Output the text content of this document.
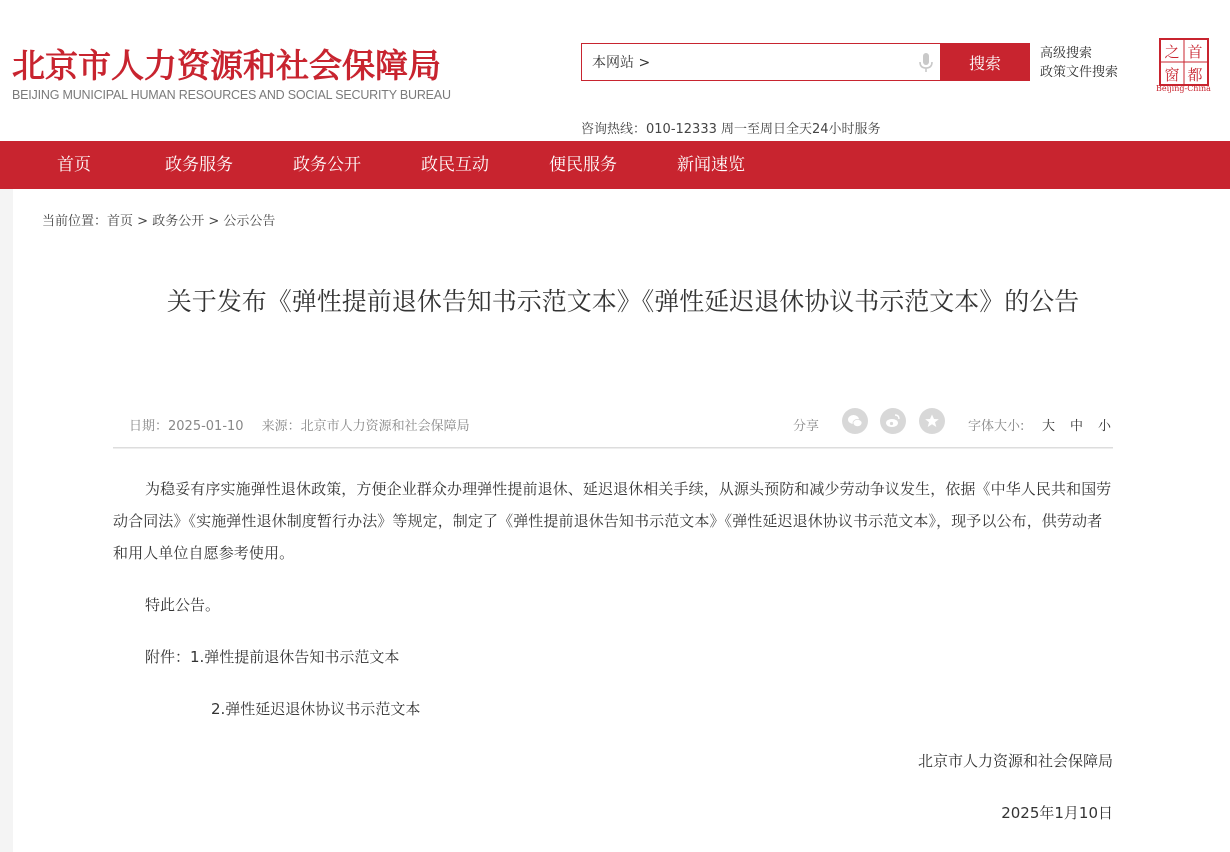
北京市人力资源和社会保障局
BEIJING MUNICIPAL HUMAN RESOURCES AND SOCIAL SECURITY BUREAU
本网站 >	搜索
高级搜索
政策文件搜索
首
都
之
窗
Beijing-China
咨询热线：010-12333 周一至周日全天24小时服务
首页	政务服务	政务公开	政民互动	便民服务	新闻速览
当前位置：首页 > 政务公开 > 公示公告
关于发布《弹性提前退休告知书示范文本》《弹性延迟退休协议书示范文本》的公告
日期：2025-01-10 来源：北京市人力资源和社会保障局	分享	字体大小: 大 中 小
为稳妥有序实施弹性退休政策，方便企业群众办理弹性提前退休、延迟退休相关手续，从源头预防和减少劳动争议发生，依据《中华人民共和国劳动合同法》《实施弹性退休制度暂行办法》等规定，制定了《弹性提前退休告知书示范文本》《弹性延迟退休协议书示范文本》，现予以公布，供劳动者和用人单位自愿参考使用。
特此公告。
附件：1.弹性提前退休告知书示范文本
2.弹性延迟退休协议书示范文本
北京市人力资源和社会保障局
2025年1月10日
